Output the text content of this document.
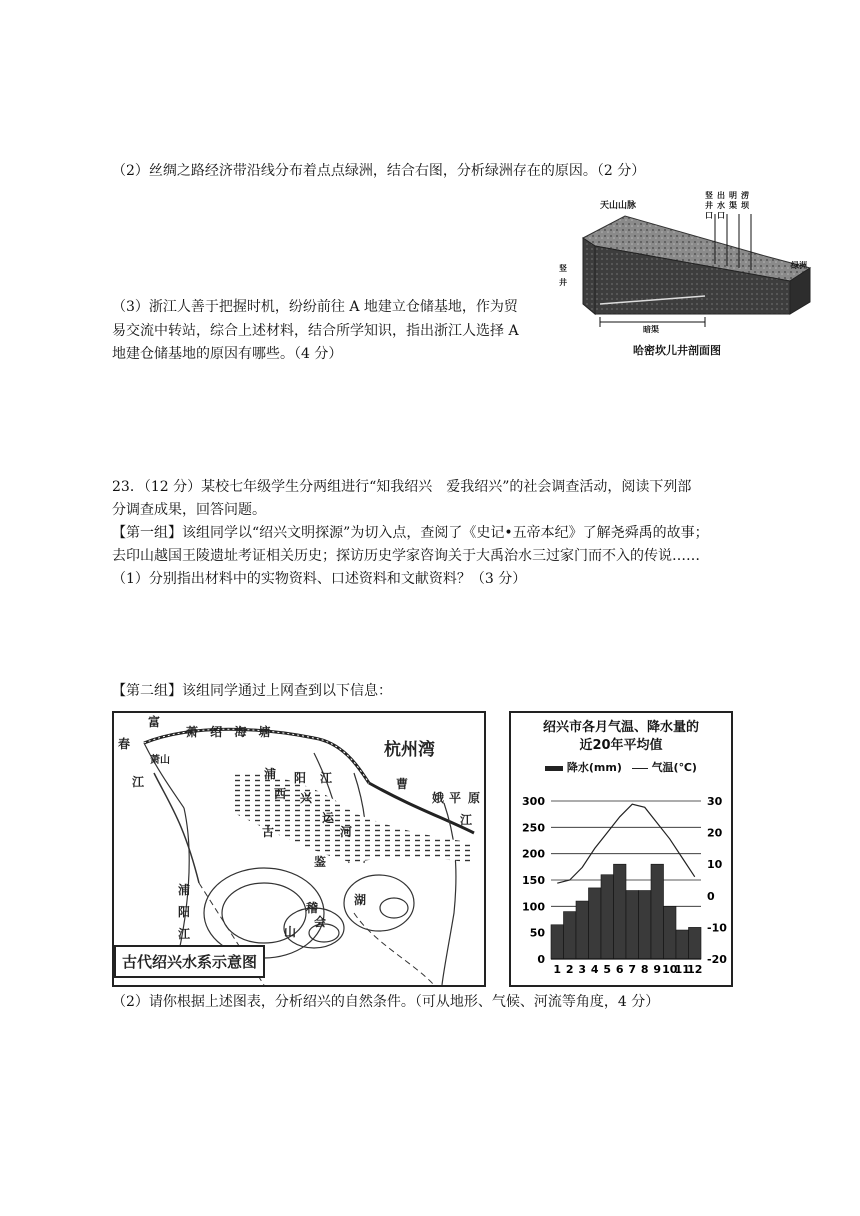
（2）丝绸之路经济带沿线分布着点点绿洲，结合右图，分析绿洲存在的原因。（2 分）
（3）浙江人善于把握时机，纷纷前往 A 地建立仓储基地，作为贸
易交流中转站，综合上述材料，结合所学知识，指出浙江人选择 A
地建仓储基地的原因有哪些。（4 分）
天山山脉
竖井口
出水口
明渠
涝坝
竖井
暗渠
绿洲
哈密坎儿井剖面图
23．（12 分）某校七年级学生分两组进行“知我绍兴　爱我绍兴”的社会调查活动，阅读下列部
分调查成果，回答问题。
【第一组】该组同学以“绍兴文明探源”为切入点，查阅了《史记•五帝本纪》了解尧舜禹的故事；
去印山越国王陵遗址考证相关历史；探访历史学家咨询关于大禹治水三过家门而不入的传说……
（1）分别指出材料中的实物资料、口述资料和文献资料？（3 分）
【第二组】该组同学通过上网查到以下信息：
富
春
江
萧山
萧 绍 海 塘
杭州湾
曹
娥 平 原
江
浦
西
阳
兴
江
运
河
古
鉴
湖
会
稽
山
浦
阳
江
古代绍兴水系示意图
绍兴市各月气温、降水量的
近20年平均值
降水(mm)	气温(℃)
300
250
200
150
100
50
0
30
20
10
0
-10
-20
1 2 3 4 5 6 7 8 9 10
11
12
（2）请你根据上述图表，分析绍兴的自然条件。（可从地形、气候、河流等角度，4 分）
